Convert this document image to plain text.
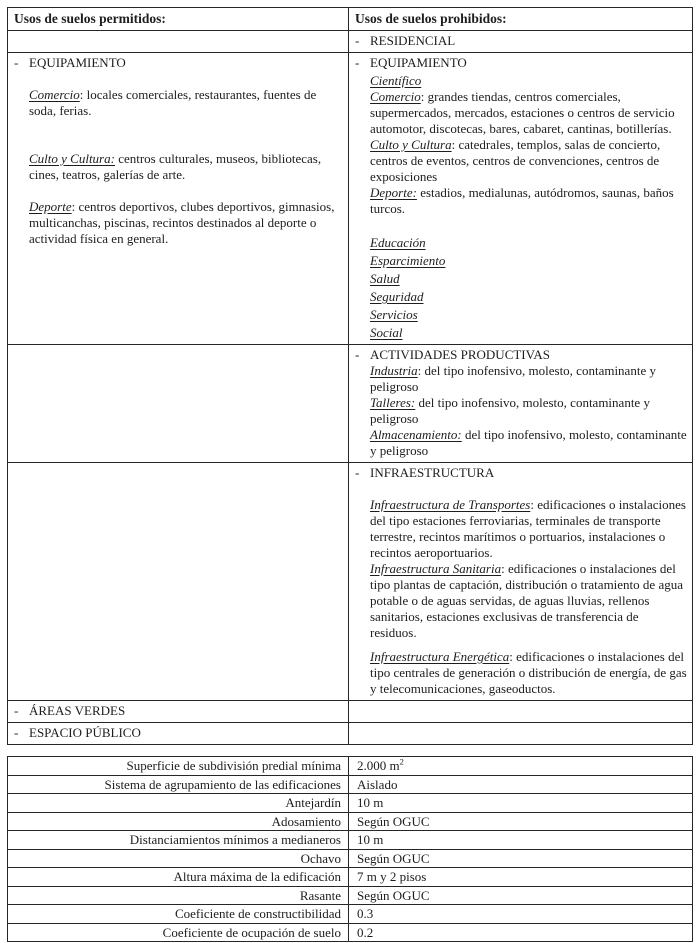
Usos de suelos permitidos:	Usos de suelos prohibidos:

	- RESIDENCIAL

- EQUIPAMIENTO
Comercio: locales comerciales, restaurantes, fuentes de soda, ferias.
Culto y Cultura: centros culturales, museos, bibliotecas, cines, teatros, galerías de arte.
Deporte: centros deportivos, clubes deportivos, gimnasios, multicanchas, piscinas, recintos destinados al deporte o actividad física en general.

- EQUIPAMIENTO
Científico
Comercio: grandes tiendas, centros comerciales, supermercados, mercados, estaciones o centros de servicio automotor, discotecas, bares, cabaret, cantinas, botillerías.
Culto y Cultura: catedrales, templos, salas de concierto, centros de eventos, centros de convenciones, centros de exposiciones
Deporte: estadios, medialunas, autódromos, saunas, baños turcos.
Educación
Esparcimiento
Salud
Seguridad
Servicios
Social

	- ACTIVIDADES PRODUCTIVAS
Industria: del tipo inofensivo, molesto, contaminante y peligroso
Talleres: del tipo inofensivo, molesto, contaminante y peligroso
Almacenamiento: del tipo inofensivo, molesto, contaminante y peligroso

	- INFRAESTRUCTURA
Infraestructura de Transportes: edificaciones o instalaciones del tipo estaciones ferroviarias, terminales de transporte terrestre, recintos marítimos o portuarios, instalaciones o recintos aeroportuarios.
Infraestructura Sanitaria: edificaciones o instalaciones del tipo plantas de captación, distribución o tratamiento de agua potable o de aguas servidas, de aguas lluvias, rellenos sanitarios, estaciones exclusivas de transferencia de residuos.
Infraestructura Energética: edificaciones o instalaciones del tipo centrales de generación o distribución de energía, de gas y telecomunicaciones, gaseoductos.

- ÁREAS VERDES	

- ESPACIO PÚBLICO	

Superficie de subdivisión predial mínima	2.000 $m^2$
Sistema de agrupamiento de las edificaciones	Aislado
Antejardín	10 m
Adosamiento	Según OGUC
Distanciamientos mínimos a medianeros	10 m
Ochavo	Según OGUC
Altura máxima de la edificación	7 m y 2 pisos
Rasante	Según OGUC
Coeficiente de constructibilidad	0.3
Coeficiente de ocupación de suelo	0.2
